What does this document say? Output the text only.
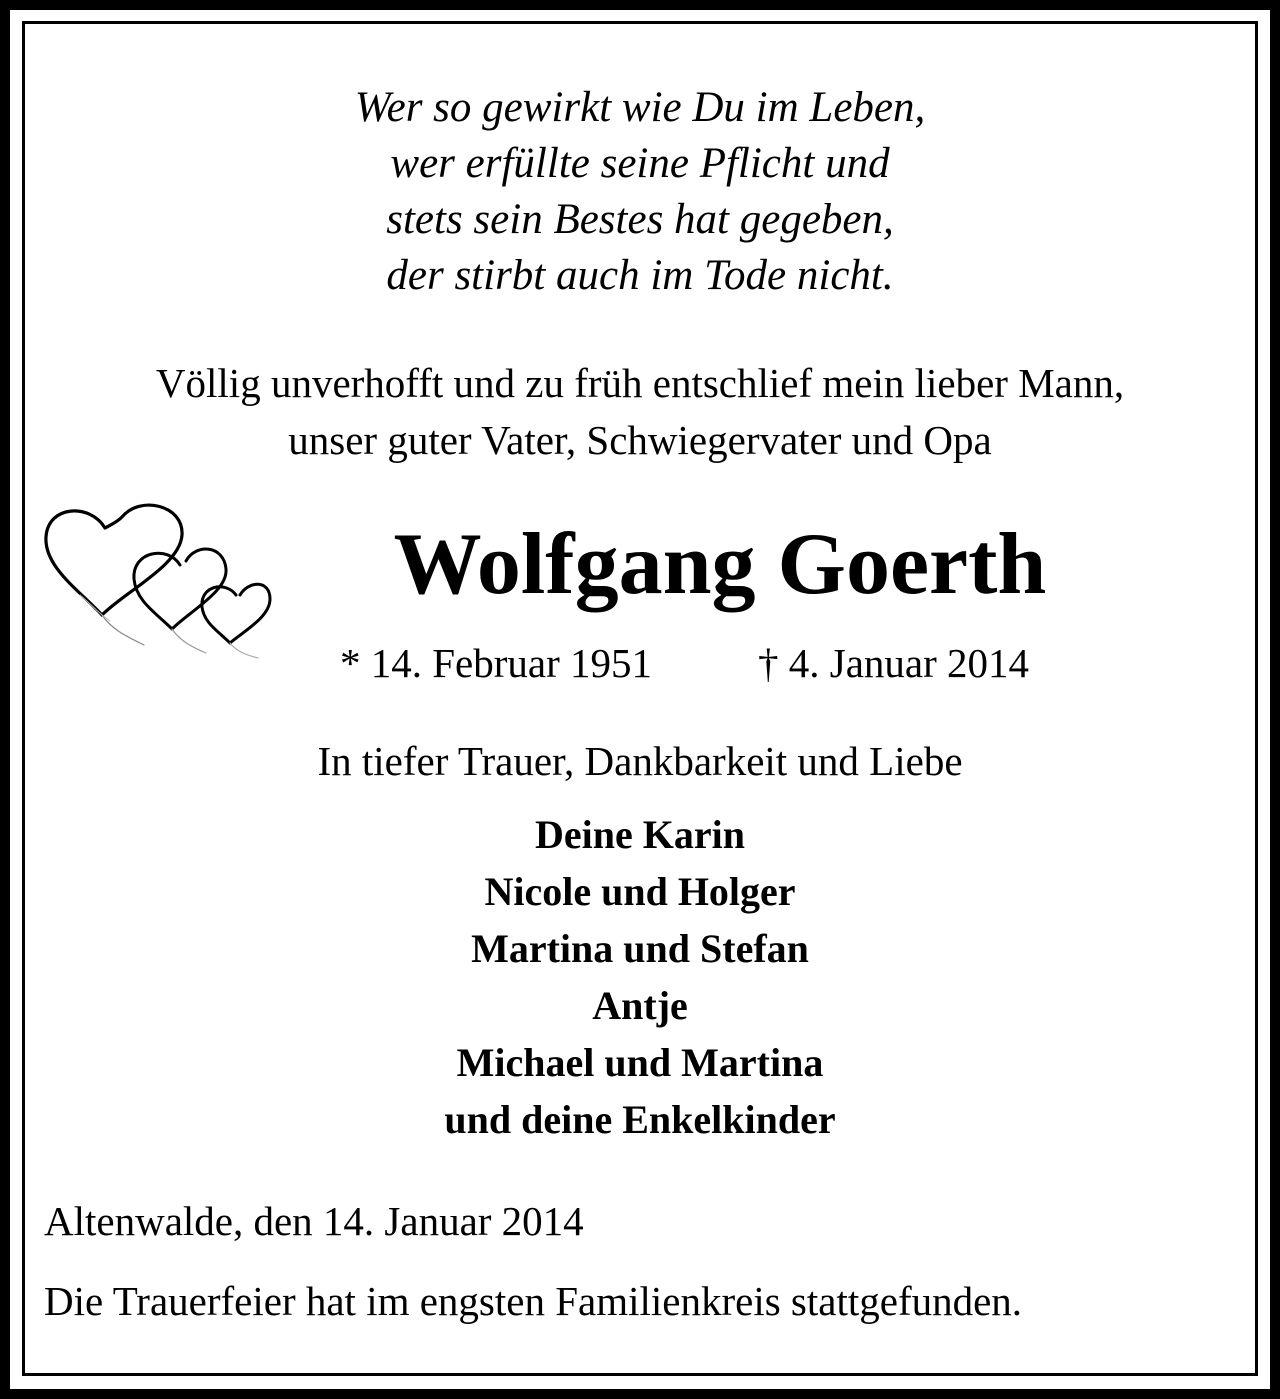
Wer so gewirkt wie Du im Leben,
wer erfüllte seine Pflicht und
stets sein Bestes hat gegeben,
der stirbt auch im Tode nicht.
Völlig unverhofft und zu früh entschlief mein lieber Mann,
unser guter Vater, Schwiegervater und Opa
Wolfgang Goerth
* 14. Februar 1951	† 4. Januar 2014
In tiefer Trauer, Dankbarkeit und Liebe
Deine Karin
Nicole und Holger
Martina und Stefan
Antje
Michael und Martina
und deine Enkelkinder
Altenwalde, den 14. Januar 2014
Die Trauerfeier hat im engsten Familienkreis stattgefunden.
